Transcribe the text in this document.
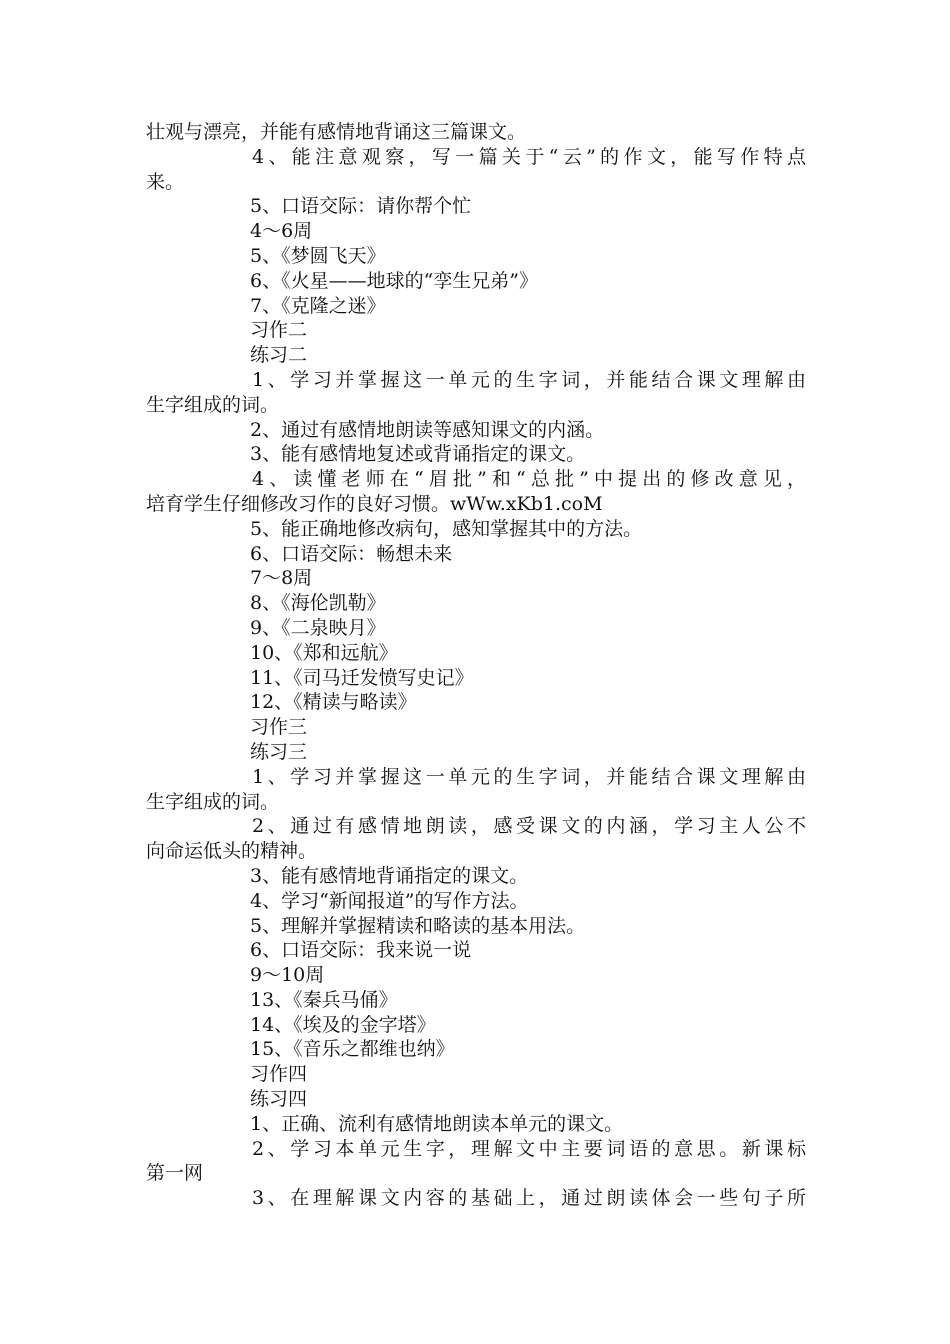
壮观与漂亮，并能有感情地背诵这三篇课文。
4、能注意观察，写一篇关于“云”的作文，能写作特点
来。
5、口语交际：请你帮个忙
4～6周
5、《梦圆飞天》
6、《火星——地球的“孪生兄弟”》
7、《克隆之迷》
习作二
练习二
1、学习并掌握这一单元的生字词，并能结合课文理解由
生字组成的词。
2、通过有感情地朗读等感知课文的内涵。
3、能有感情地复述或背诵指定的课文。
4、读懂老师在“眉批”和“总批”中提出的修改意见，
培育学生仔细修改习作的良好习惯。wWw.xKb1.coM
5、能正确地修改病句，感知掌握其中的方法。
6、口语交际：畅想未来
7～8周
8、《海伦凯勒》
9、《二泉映月》
10、《郑和远航》
11、《司马迁发愤写史记》
12、《精读与略读》
习作三
练习三
1、学习并掌握这一单元的生字词，并能结合课文理解由
生字组成的词。
2、通过有感情地朗读，感受课文的内涵，学习主人公不
向命运低头的精神。
3、能有感情地背诵指定的课文。
4、学习“新闻报道”的写作方法。
5、理解并掌握精读和略读的基本用法。
6、口语交际：我来说一说
9～10周
13、《秦兵马俑》
14、《埃及的金字塔》
15、《音乐之都维也纳》
习作四
练习四
1、正确、流利有感情地朗读本单元的课文。
2、学习本单元生字，理解文中主要词语的意思。新课标
第一网
3、在理解课文内容的基础上，通过朗读体会一些句子所
